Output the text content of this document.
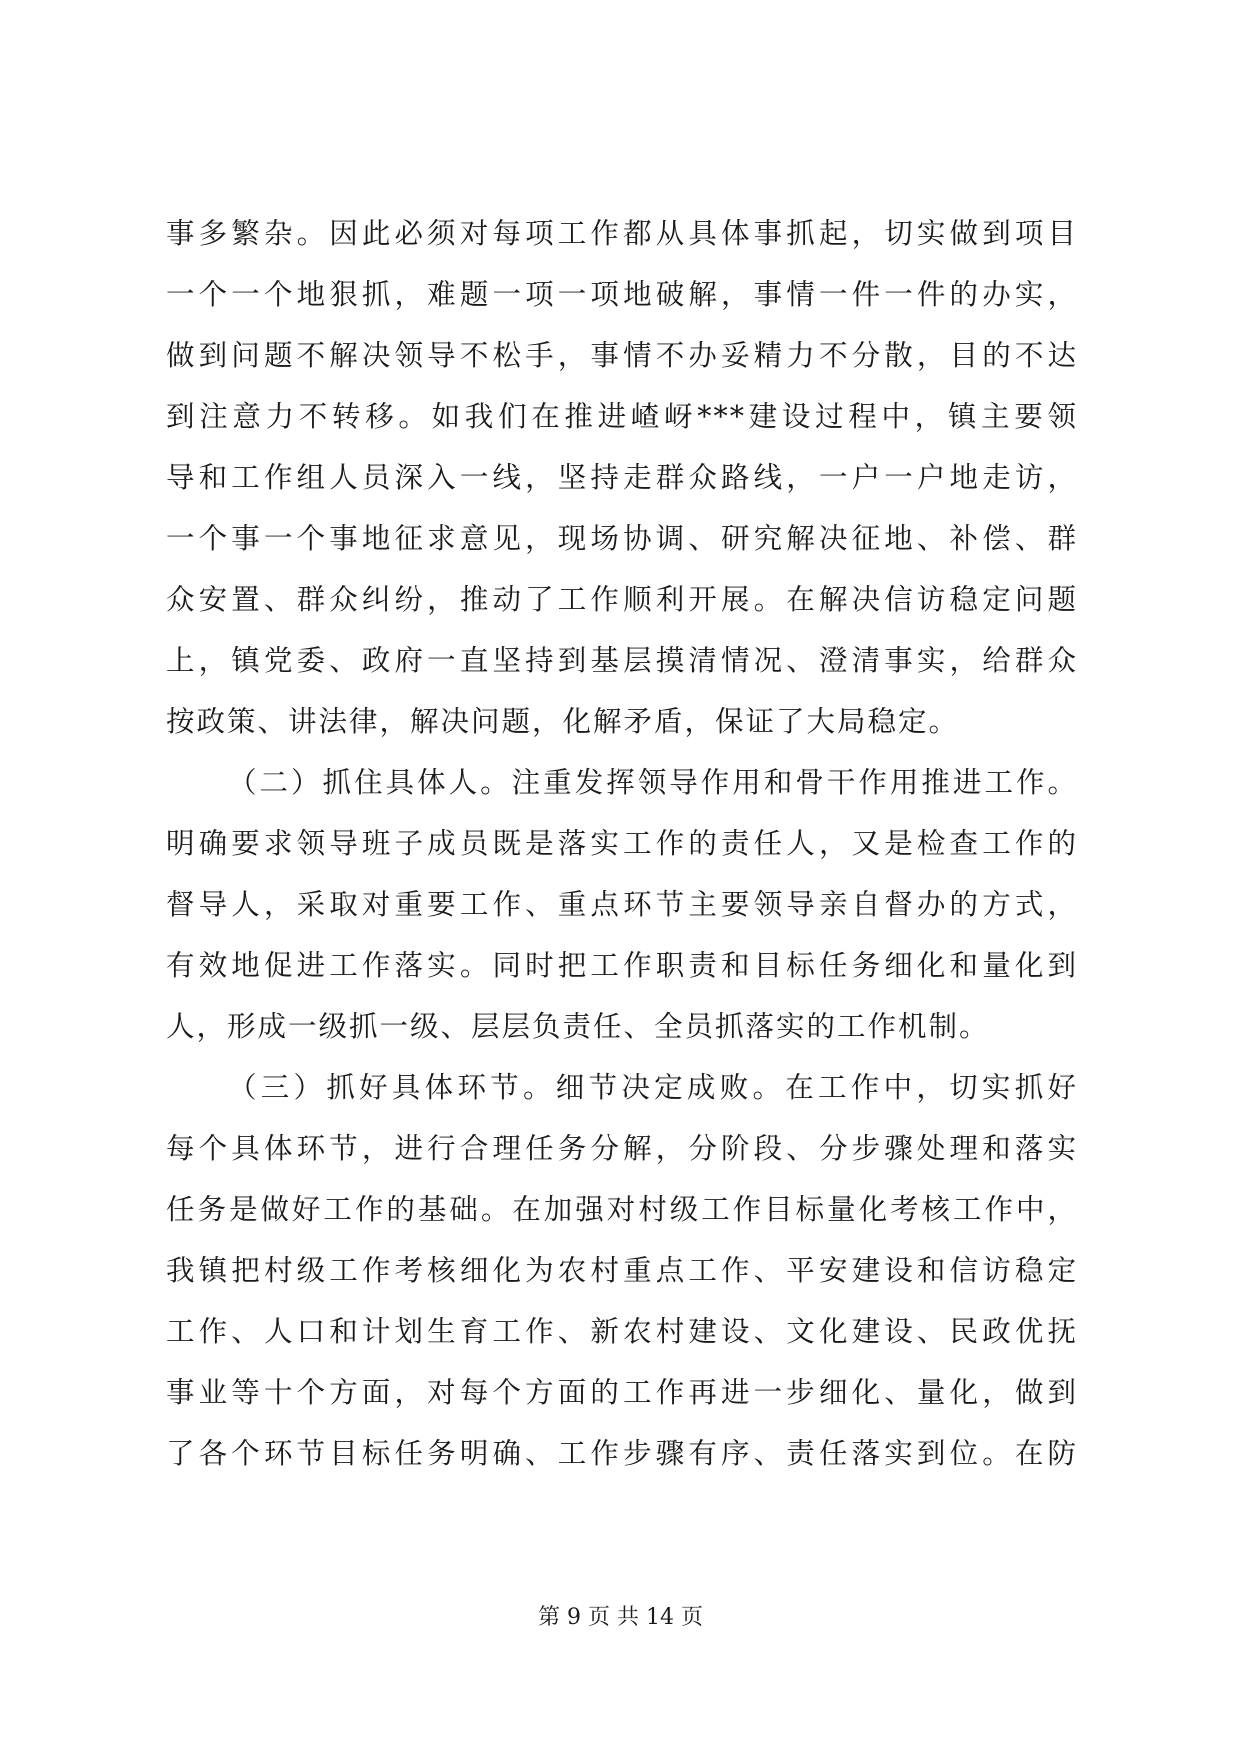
事多繁杂。因此必须对每项工作都从具体事抓起，切实做到项目
一个一个地狠抓，难题一项一项地破解，事情一件一件的办实，
做到问题不解决领导不松手，事情不办妥精力不分散，目的不达
到注意力不转移。如我们在推进嵖岈***建设过程中，镇主要领
导和工作组人员深入一线，坚持走群众路线，一户一户地走访，
一个事一个事地征求意见，现场协调、研究解决征地、补偿、群
众安置、群众纠纷，推动了工作顺利开展。在解决信访稳定问题
上，镇党委、政府一直坚持到基层摸清情况、澄清事实，给群众
按政策、讲法律，解决问题，化解矛盾，保证了大局稳定。
（二）抓住具体人。注重发挥领导作用和骨干作用推进工作。
明确要求领导班子成员既是落实工作的责任人，又是检查工作的
督导人，采取对重要工作、重点环节主要领导亲自督办的方式，
有效地促进工作落实。同时把工作职责和目标任务细化和量化到
人，形成一级抓一级、层层负责任、全员抓落实的工作机制。
（三）抓好具体环节。细节决定成败。在工作中，切实抓好
每个具体环节，进行合理任务分解，分阶段、分步骤处理和落实
任务是做好工作的基础。在加强对村级工作目标量化考核工作中，
我镇把村级工作考核细化为农村重点工作、平安建设和信访稳定
工作、人口和计划生育工作、新农村建设、文化建设、民政优抚
事业等十个方面，对每个方面的工作再进一步细化、量化，做到
了各个环节目标任务明确、工作步骤有序、责任落实到位。在防
第 9 页 共 14 页
